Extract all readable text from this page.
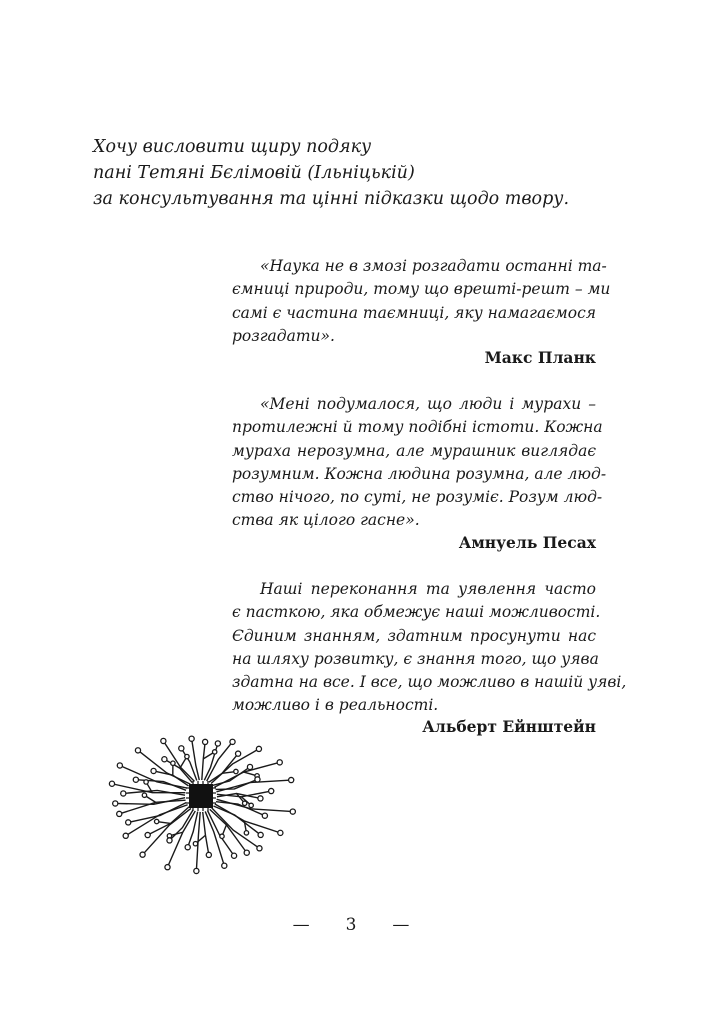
Хочу висловити щиру подяку
пані Тетяні Бєлімовій (Ільніцькій)
за консультування та цінні підказки щодо твору.
«Наука не в змозі розгадати останні та-
ємниці природи, тому що врешті-решт – ми
самі є частина таємниці, яку намагаємося
розгадати».
Макс Планк
«Мені подумалося, що люди і мурахи –
протилежні й тому подібні істоти. Кожна
мураха нерозумна, але мурашник виглядає
розумним. Кожна людина розумна, але люд-
ство нічого, по суті, не розуміє. Розум люд-
ства як цілого гасне».
Амнуель Песах
Наші переконання та уявлення часто
є пасткою, яка обмежує наші можливості.
Єдиним знанням, здатним просунути нас
на шляху розвитку, є знання того, що уява
здатна на все. І все, що можливо в нашій уяві,
можливо і в реальності.
Альберт Ейнштейн
— 3 —
